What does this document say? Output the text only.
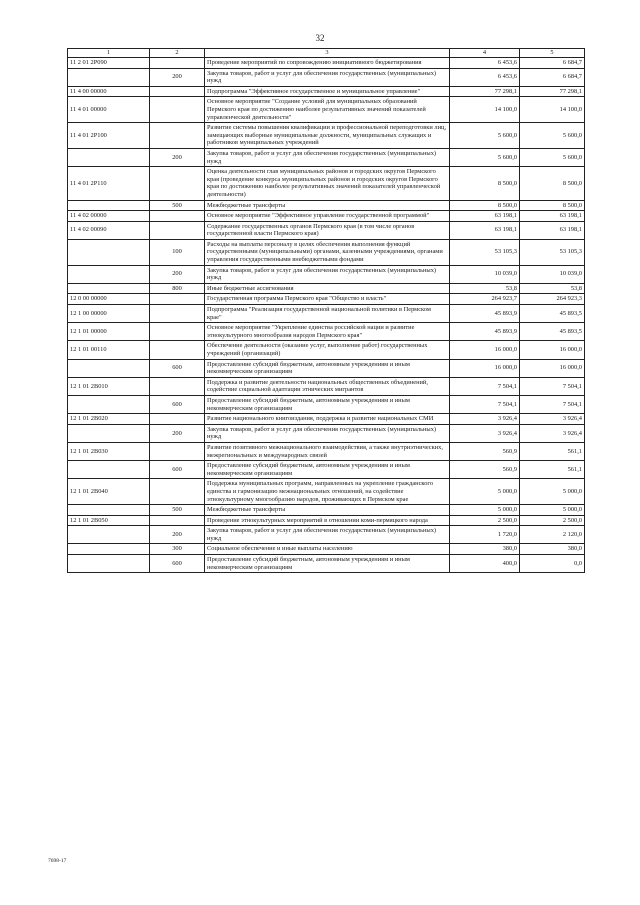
32
1	2	3	4	5
11 2 01 2P090		Проведение мероприятий по сопровождению инициативного бюджетирования	6 453,6	6 684,7
	200	Закупка товаров, работ и услуг для обеспечения государственных (муниципальных) нужд	6 453,6	6 684,7
11 4 00 00000		Подпрограмма "Эффективное государственное и муниципальное управление"	77 298,1	77 298,1
11 4 01 00000		Основное мероприятие "Создание условий для муниципальных образований Пермского края по достижению наиболее результативных значений показателей управленческой деятельности"	14 100,0	14 100,0
11 4 01 2P100		Развитие системы повышения квалификации и профессиональной переподготовки лиц, замещающих выборные муниципальные должности, муниципальных служащих и работников муниципальных учреждений	5 600,0	5 600,0
	200	Закупка товаров, работ и услуг для обеспечения государственных (муниципальных) нужд	5 600,0	5 600,0
11 4 01 2P110		Оценка деятельности глав муниципальных районов и городских округов Пермского края (проведение конкурса муниципальных районов и городских округов Пермского края по достижению наиболее результативных значений показателей управленческой деятельности)	8 500,0	8 500,0
	500	Межбюджетные трансферты	8 500,0	8 500,0
11 4 02 00000		Основное мероприятие "Эффективное управление государственной программой"	63 198,1	63 198,1
11 4 02 00090		Содержание государственных органов Пермского края (в том числе органов государственной власти Пермского края)	63 198,1	63 198,1
	100	Расходы на выплаты персоналу в целях обеспечения выполнения функций государственными (муниципальными) органами, казенными учреждениями, органами управления государственными внебюджетными фондами	53 105,3	53 105,3
	200	Закупка товаров, работ и услуг для обеспечения государственных (муниципальных) нужд	10 039,0	10 039,0
	800	Иные бюджетные ассигнования	53,8	53,8
12 0 00 00000		Государственная программа Пермского края "Общество и власть"	264 923,7	264 923,3
12 1 00 00000		Подпрограмма "Реализация государственной национальной политики в Пермском крае"	45 893,9	45 893,5
12 1 01 00000		Основное мероприятие "Укрепление единства российской нации и развитие этнокультурного многообразия народов Пермского края"	45 893,9	45 893,5
12 1 01 00110		Обеспечение деятельности (оказание услуг, выполнение работ) государственных учреждений (организаций)	16 000,0	16 000,0
	600	Предоставление субсидий бюджетным, автономным учреждениям и иным некоммерческим организациям	16 000,0	16 000,0
12 1 01 2В010		Поддержка и развитие деятельности национальных общественных объединений, содействие социальной адаптации этнических мигрантов	7 504,1	7 504,1
	600	Предоставление субсидий бюджетным, автономным учреждениям и иным некоммерческим организациям	7 504,1	7 504,1
12 1 01 2В020		Развитие национального книгоиздания, поддержка и развитие национальных СМИ	3 926,4	3 926,4
	200	Закупка товаров, работ и услуг для обеспечения государственных (муниципальных) нужд	3 926,4	3 926,4
12 1 01 2В030		Развитие позитивного межнационального взаимодействия, а также внутриэтнических, межрегиональных и международных связей	560,9	561,1
	600	Предоставление субсидий бюджетным, автономным учреждениям и иным некоммерческим организациям	560,9	561,1
12 1 01 2В040		Поддержка муниципальных программ, направленных на укрепление гражданского единства и гармонизацию межнациональных отношений, на содействие этнокультурному многообразию народов, проживающих в Пермском крае	5 000,0	5 000,0
	500	Межбюджетные трансферты	5 000,0	5 000,0
12 1 01 2В050		Проведение этнокультурных мероприятий в отношении коми-пермяцкого народа	2 500,0	2 500,0
	200	Закупка товаров, работ и услуг для обеспечения государственных (муниципальных) нужд	1 720,0	2 120,0
	300	Социальное обеспечение и иные выплаты населению	380,0	380,0
	600	Предоставление субсидий бюджетным, автономным учреждениям и иным некоммерческим организациям	400,0	0,0
7698-17
